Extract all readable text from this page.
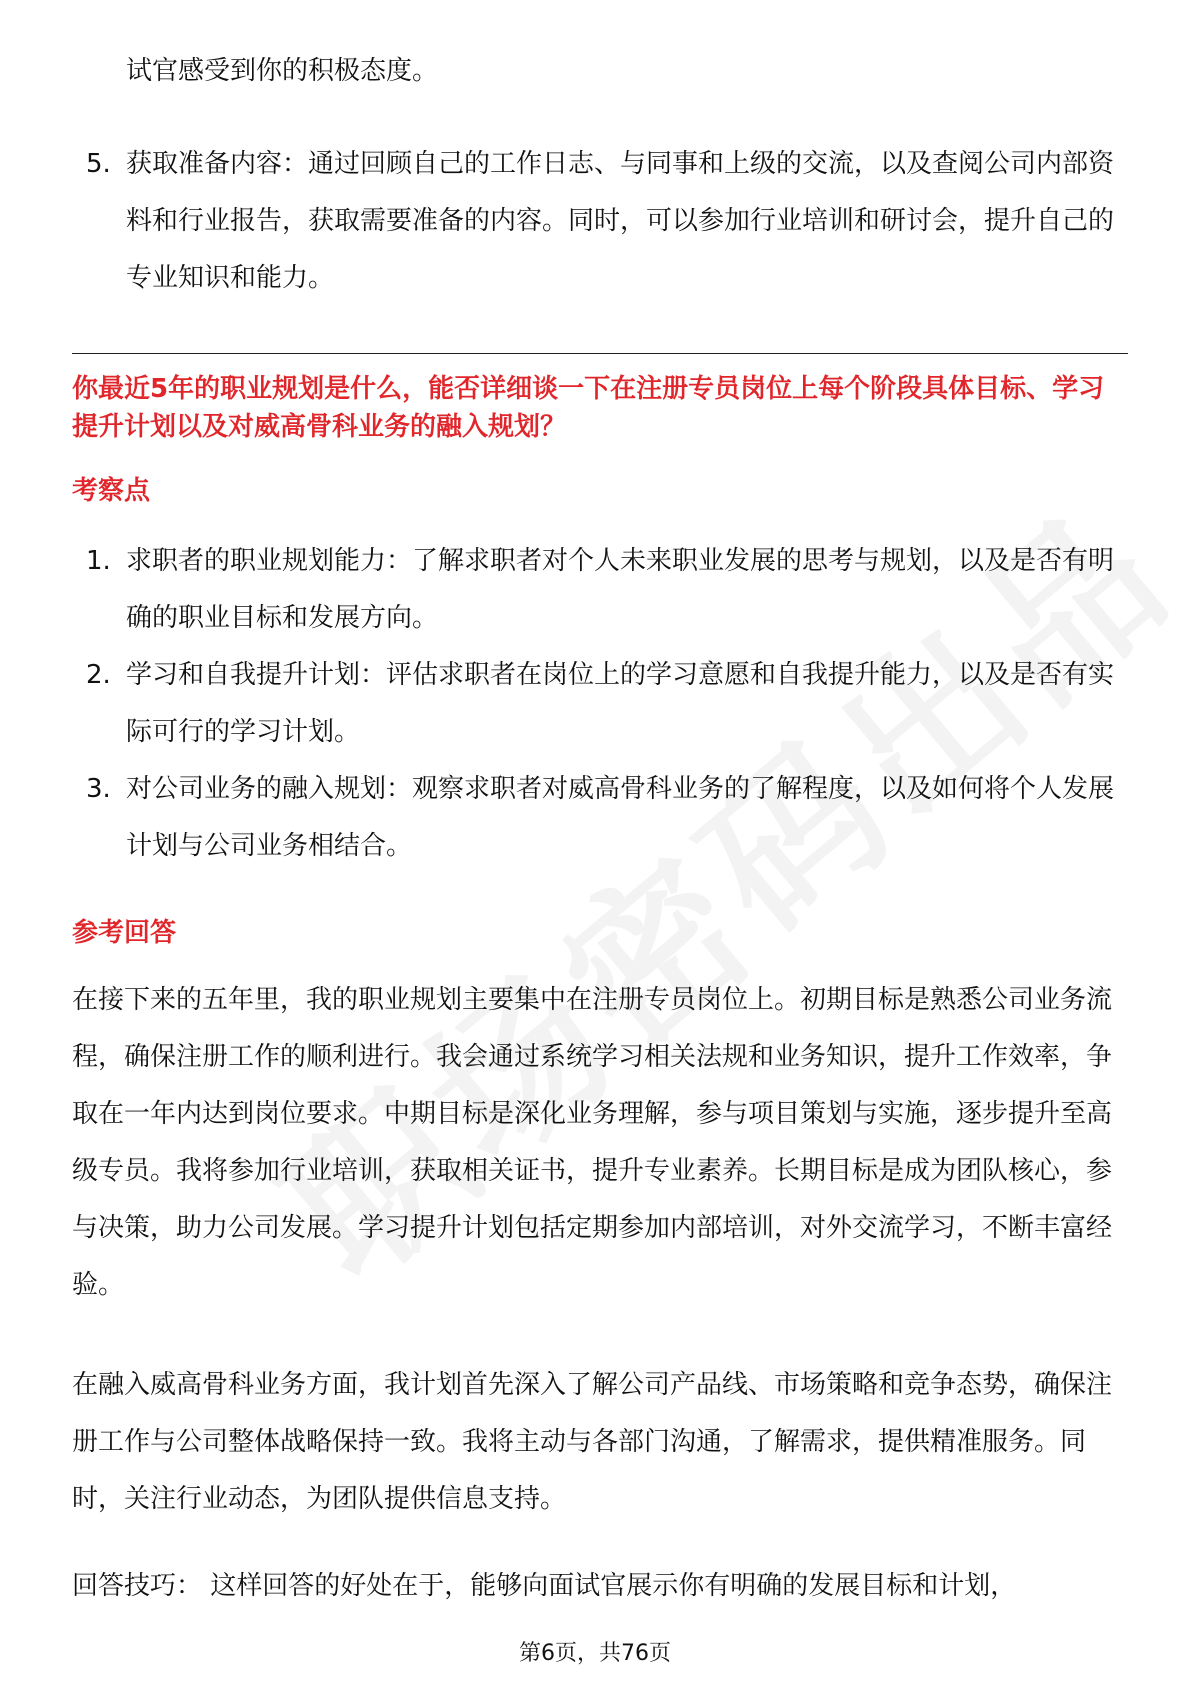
试官感受到你的积极态度。
5. 获取准备内容：通过回顾自己的工作日志、与同事和上级的交流，以及查阅公司内部资料和行业报告，获取需要准备的内容。同时，可以参加行业培训和研讨会，提升自己的专业知识和能力。
你最近5年的职业规划是什么，能否详细谈一下在注册专员岗位上每个阶段具体目标、学习提升计划以及对威高骨科业务的融入规划？
考察点
1. 求职者的职业规划能力：了解求职者对个人未来职业发展的思考与规划，以及是否有明确的职业目标和发展方向。
2. 学习和自我提升计划：评估求职者在岗位上的学习意愿和自我提升能力，以及是否有实际可行的学习计划。
3. 对公司业务的融入规划：观察求职者对威高骨科业务的了解程度，以及如何将个人发展计划与公司业务相结合。
参考回答
在接下来的五年里，我的职业规划主要集中在注册专员岗位上。初期目标是熟悉公司业务流程，确保注册工作的顺利进行。我会通过系统学习相关法规和业务知识，提升工作效率，争取在一年内达到岗位要求。中期目标是深化业务理解，参与项目策划与实施，逐步提升至高级专员。我将参加行业培训，获取相关证书，提升专业素养。长期目标是成为团队核心，参与决策，助力公司发展。学习提升计划包括定期参加内部培训，对外交流学习，不断丰富经验。
在融入威高骨科业务方面，我计划首先深入了解公司产品线、市场策略和竞争态势，确保注册工作与公司整体战略保持一致。我将主动与各部门沟通，了解需求，提供精准服务。同时，关注行业动态，为团队提供信息支持。
回答技巧： 这样回答的好处在于，能够向面试官展示你有明确的发展目标和计划，
第6页，共76页
